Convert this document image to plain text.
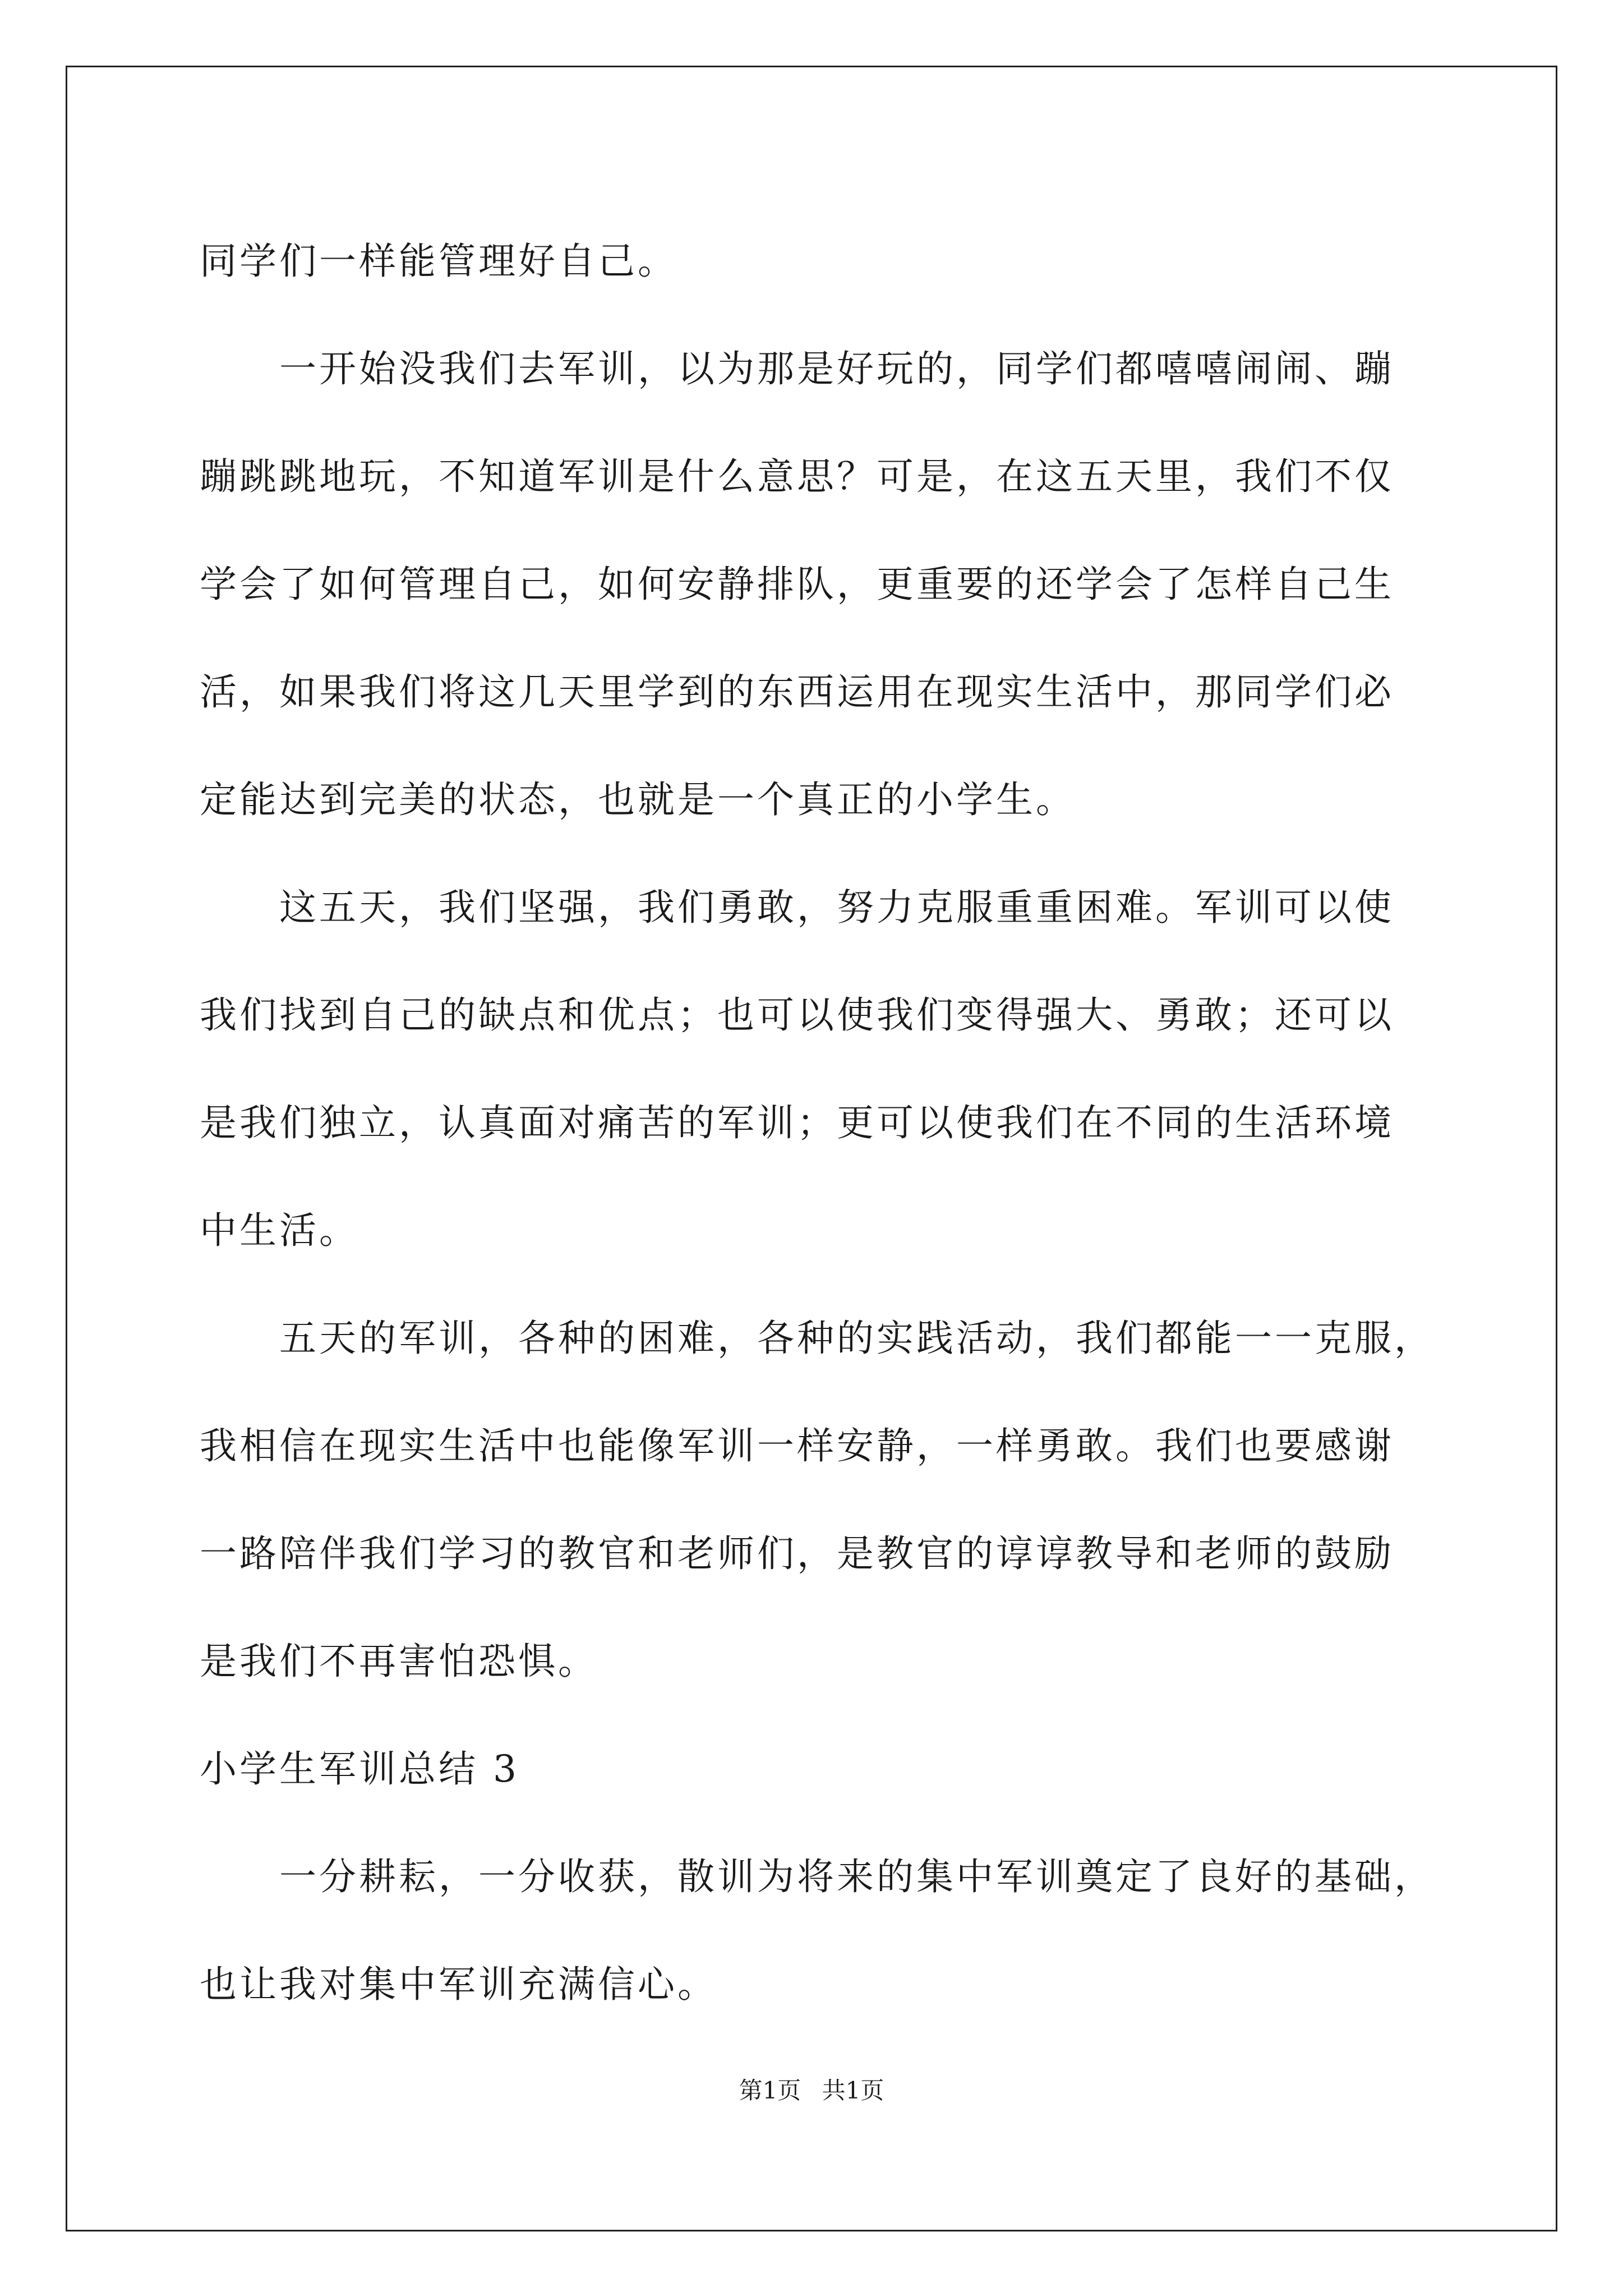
同学们一样能管理好自己。
一开始没我们去军训，以为那是好玩的，同学们都嘻嘻闹闹、蹦
蹦跳跳地玩，不知道军训是什么意思？可是，在这五天里，我们不仅
学会了如何管理自己，如何安静排队，更重要的还学会了怎样自己生
活，如果我们将这几天里学到的东西运用在现实生活中，那同学们必
定能达到完美的状态，也就是一个真正的小学生。
这五天，我们坚强，我们勇敢，努力克服重重困难。军训可以使
我们找到自己的缺点和优点；也可以使我们变得强大、勇敢；还可以
是我们独立，认真面对痛苦的军训；更可以使我们在不同的生活环境
中生活。
五天的军训，各种的困难，各种的实践活动，我们都能一一克服，
我相信在现实生活中也能像军训一样安静，一样勇敢。我们也要感谢
一路陪伴我们学习的教官和老师们，是教官的谆谆教导和老师的鼓励
是我们不再害怕恐惧。
小学生军训总结 3
一分耕耘，一分收获，散训为将来的集中军训奠定了良好的基础，
也让我对集中军训充满信心。
第1页 共1页
